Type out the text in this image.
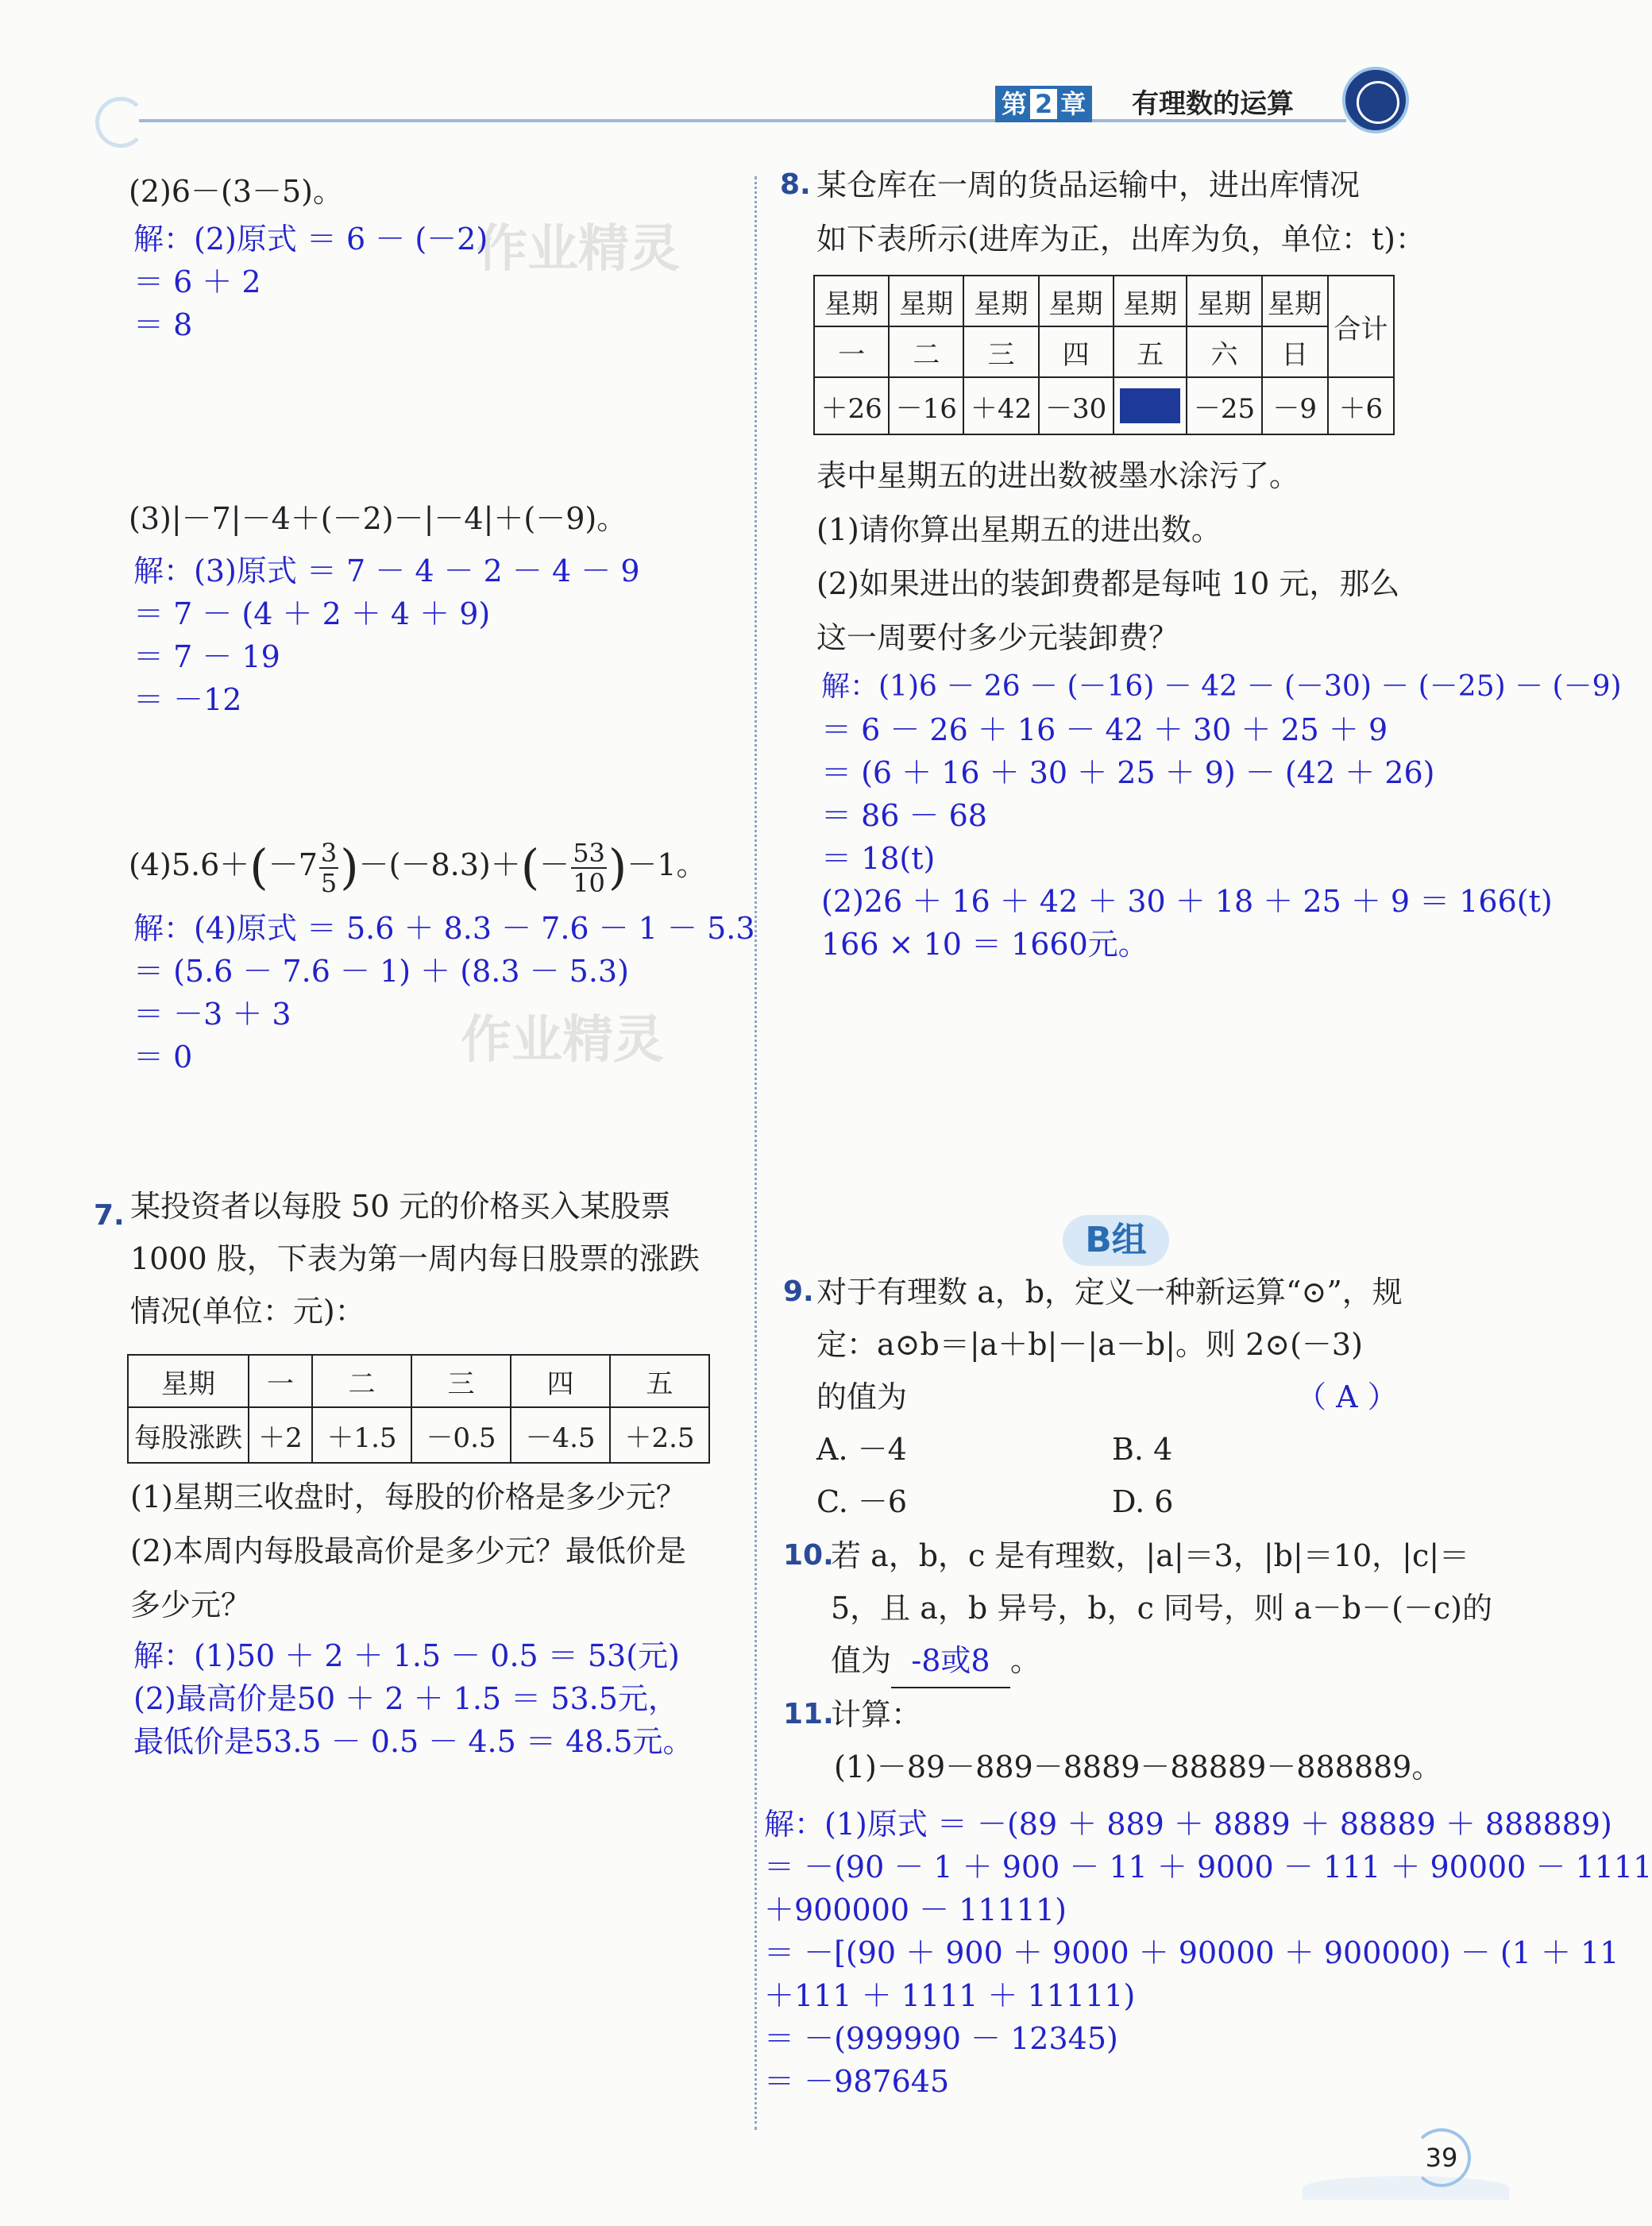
第 2 章 有理数的运算
作业精灵
作业精灵
(2)6－(3－5)。
解：(2)原式 ＝ 6 － (－2)
＝ 6 ＋ 2
＝ 8
(3)|－7|－4＋(－2)－|－4|＋(－9)。
解：(3)原式 ＝ 7 － 4 － 2 － 4 － 9
＝ 7 － (4 ＋ 2 ＋ 4 ＋ 9)
＝ 7 － 19
＝ －12
$(4)5.6+(-7 \frac{3}{5} )-(-8.3)+(- \frac{53}{10} )-1$。
解：(4)原式 ＝ 5.6 ＋ 8.3 － 7.6 － 1 － 5.3
＝ (5.6 － 7.6 － 1) ＋ (8.3 － 5.3)
＝ －3 ＋ 3
＝ 0
7. 某投资者以每股 50 元的价格买入某股票
1000 股，下表为第一周内每日股票的涨跌
情况(单位：元)：
星期	一	二	三	四	五
每股涨跌	＋2	＋1.5	－0.5	－4.5	＋2.5
(1)星期三收盘时，每股的价格是多少元？
(2)本周内每股最高价是多少元？最低价是
多少元？
解：(1)50 ＋ 2 ＋ 1.5 － 0.5 ＝ 53(元)
(2)最高价是50 ＋ 2 ＋ 1.5 ＝ 53.5元，
最低价是53.5 － 0.5 － 4.5 ＝ 48.5元。
8. 某仓库在一周的货品运输中，进出库情况
如下表所示(进库为正，出库为负，单位：t)：
星期	星期	星期	星期	星期	星期	星期	合计
一	二	三	四	五	六	日	
＋26	－16	＋42	－30		－25	－9	＋6
表中星期五的进出数被墨水涂污了。
(1)请你算出星期五的进出数。
(2)如果进出的装卸费都是每吨 10 元，那么
这一周要付多少元装卸费？
解：(1)6 － 26 － (－16) － 42 － (－30) － (－25) － (－9)
＝ 6 － 26 ＋ 16 － 42 ＋ 30 ＋ 25 ＋ 9
＝ (6 ＋ 16 ＋ 30 ＋ 25 ＋ 9) － (42 ＋ 26)
＝ 86 － 68
＝ 18(t)
(2)26 ＋ 16 ＋ 42 ＋ 30 ＋ 18 ＋ 25 ＋ 9 ＝ 166(t)
166 × 10 ＝ 1660元。
B组
9. 对于有理数 a，b，定义一种新运算“⊙”，规
定：a⊙b＝|a＋b|－|a－b|。则 2⊙(－3)
的值为	（ A ）
A. －4	B. 4
C. －6	D. 6
10.
若 a，b，c 是有理数，|a|＝3，|b|＝10，|c|＝
5，且 a，b 异号，b，c 同号，则 a－b－(－c)的
值为 -8或8 。
11.
计算：
(1)－89－889－8889－88889－888889。
解：(1)原式 ＝ －(89 ＋ 889 ＋ 8889 ＋ 88889 ＋ 888889)
＝ －(90 － 1 ＋ 900 － 11 ＋ 9000 － 111 ＋ 90000 － 1111
＋900000 － 11111)
＝ －[(90 ＋ 900 ＋ 9000 ＋ 90000 ＋ 900000) － (1 ＋ 11
＋111 ＋ 1111 ＋ 11111)
＝ －(999990 － 12345)
＝ －987645
39
